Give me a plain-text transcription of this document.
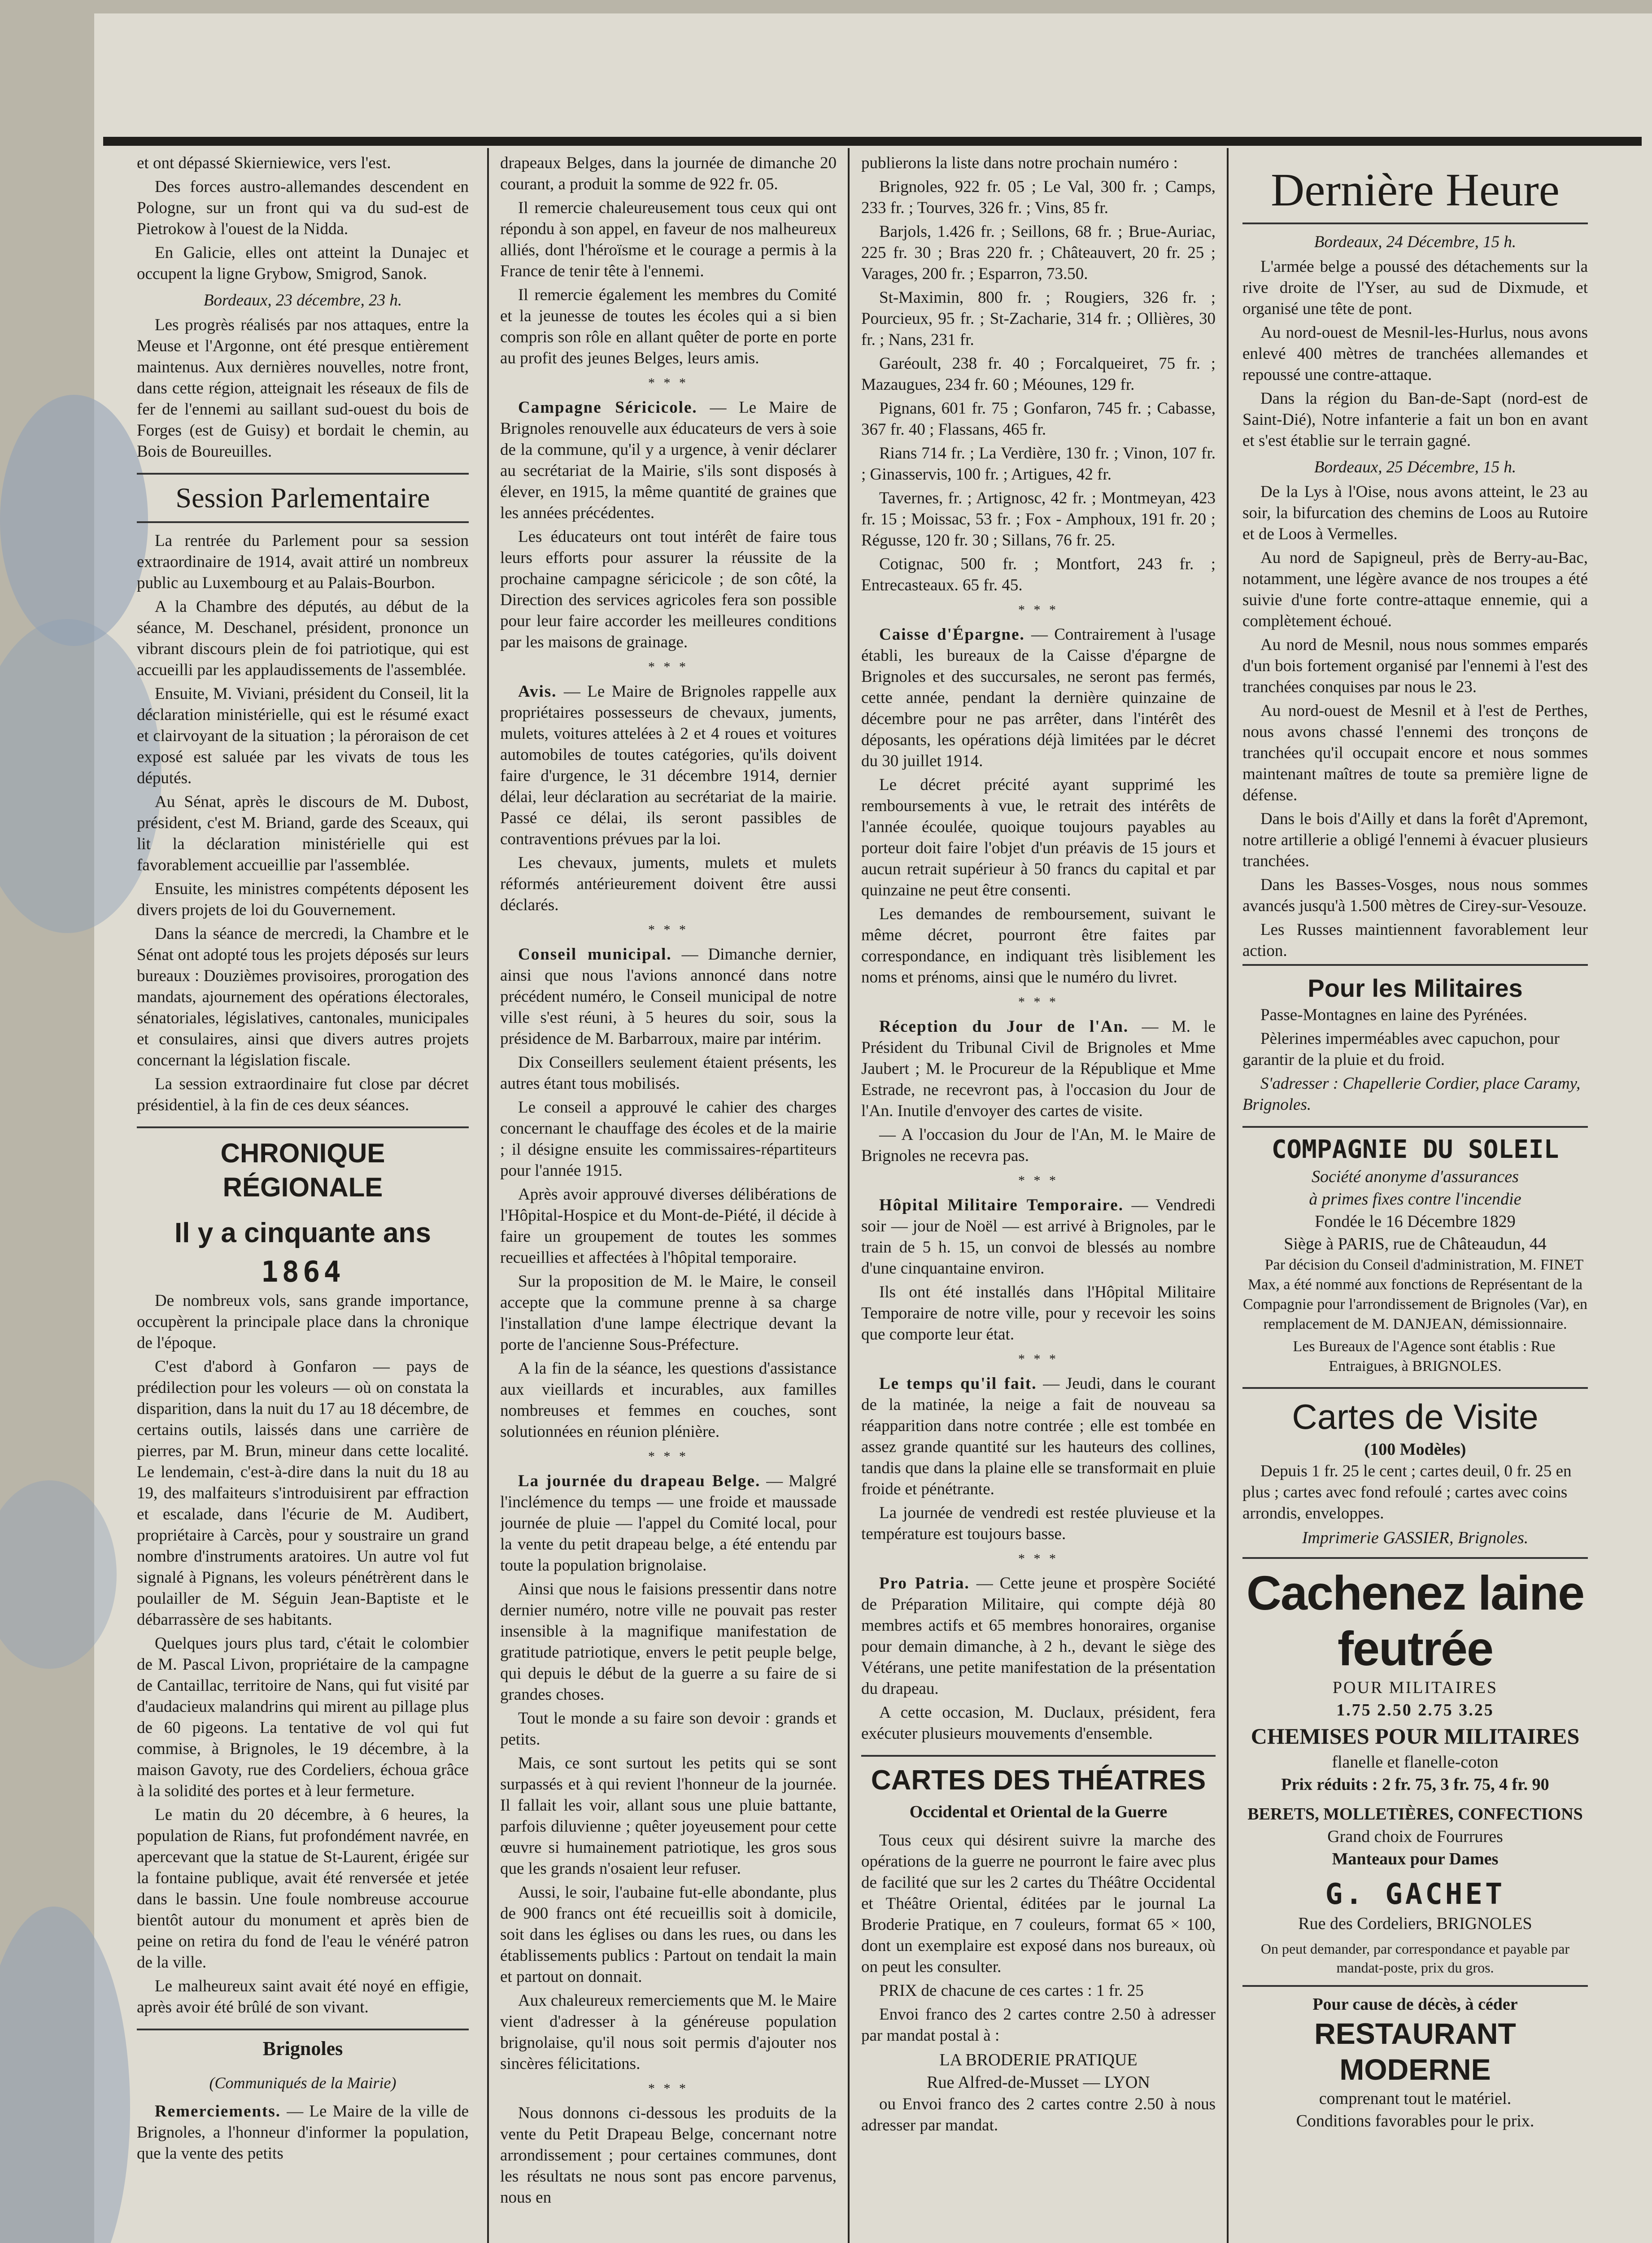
et ont dépassé Skierniewice, vers l'est.

Des forces austro-allemandes descendent en Pologne, sur un front qui va du sud-est de Pietrokow à l'ouest de la Nidda.

En Galicie, elles ont atteint la Dunajec et occupent la ligne Grybow, Smigrod, Sanok.

Bordeaux, 23 décembre, 23 h.

Les progrès réalisés par nos attaques, entre la Meuse et l'Argonne, ont été presque entièrement maintenus. Aux dernières nouvelles, notre front, dans cette région, atteignait les réseaux de fils de fer de l'ennemi au saillant sud-ouest du bois de Forges (est de Guisy) et bordait le chemin, au Bois de Boureuilles.

Session Parlementaire

La rentrée du Parlement pour sa session extraordinaire de 1914, avait attiré un nombreux public au Luxembourg et au Palais-Bourbon.

A la Chambre des députés, au début de la séance, M. Deschanel, président, prononce un vibrant discours plein de foi patriotique, qui est accueilli par les applaudissements de l'assemblée.

Ensuite, M. Viviani, président du Conseil, lit la déclaration ministérielle, qui est le résumé exact et clairvoyant de la situation ; la péroraison de cet exposé est saluée par les vivats de tous les députés.

Au Sénat, après le discours de M. Dubost, président, c'est M. Briand, garde des Sceaux, qui lit la déclaration ministérielle qui est favorablement accueillie par l'assemblée.

Ensuite, les ministres compétents déposent les divers projets de loi du Gouvernement.

Dans la séance de mercredi, la Chambre et le Sénat ont adopté tous les projets déposés sur leurs bureaux : Douzièmes provisoires, prorogation des mandats, ajournement des opérations électorales, sénatoriales, législatives, cantonales, municipales et consulaires, ainsi que divers autres projets concernant la législation fiscale.

La session extraordinaire fut close par décret présidentiel, à la fin de ces deux séances.

CHRONIQUE RÉGIONALE
Il y a cinquante ans
1864

De nombreux vols, sans grande importance, occupèrent la principale place dans la chronique de l'époque.

C'est d'abord à Gonfaron — pays de prédilection pour les voleurs — où on constata la disparition, dans la nuit du 17 au 18 décembre, de certains outils, laissés dans une carrière de pierres, par M. Brun, mineur dans cette localité. Le lendemain, c'est-à-dire dans la nuit du 18 au 19, des malfaiteurs s'introduisirent par effraction et escalade, dans l'écurie de M. Audibert, propriétaire à Carcès, pour y soustraire un grand nombre d'instruments aratoires. Un autre vol fut signalé à Pignans, les voleurs pénétrèrent dans le poulailler de M. Séguin Jean-Baptiste et le débarrassère de ses habitants.

Quelques jours plus tard, c'était le colombier de M. Pascal Livon, propriétaire de la campagne de Cantaillac, territoire de Nans, qui fut visité par d'audacieux malandrins qui mirent au pillage plus de 60 pigeons. La tentative de vol qui fut commise, à Brignoles, le 19 décembre, à la maison Gavoty, rue des Cordeliers, échoua grâce à la solidité des portes et à leur fermeture.

Le matin du 20 décembre, à 6 heures, la population de Rians, fut profondément navrée, en apercevant que la statue de St-Laurent, érigée sur la fontaine publique, avait été renversée et jetée dans le bassin. Une foule nombreuse accourue bientôt autour du monument et après bien de peine on retira du fond de l'eau le vénéré patron de la ville.

Le malheureux saint avait été noyé en effigie, après avoir été brûlé de son vivant.

Brignoles
(Communiqués de la Mairie)

Remerciements. — Le Maire de la ville de Brignoles, a l'honneur d'informer la population, que la vente des petits

drapeaux Belges, dans la journée de dimanche 20 courant, a produit la somme de 922 fr. 05.

Il remercie chaleureusement tous ceux qui ont répondu à son appel, en faveur de nos malheureux alliés, dont l'héroïsme et le courage a permis à la France de tenir tête à l'ennemi.

Il remercie également les membres du Comité et la jeunesse de toutes les écoles qui a si bien compris son rôle en allant quêter de porte en porte au profit des jeunes Belges, leurs amis.

* * *

Campagne Séricicole. — Le Maire de Brignoles renouvelle aux éducateurs de vers à soie de la commune, qu'il y a urgence, à venir déclarer au secrétariat de la Mairie, s'ils sont disposés à élever, en 1915, la même quantité de graines que les années précédentes.

Les éducateurs ont tout intérêt de faire tous leurs efforts pour assurer la réussite de la prochaine campagne séricicole ; de son côté, la Direction des services agricoles fera son possible pour leur faire accorder les meilleures conditions par les maisons de grainage.

* * *

Avis. — Le Maire de Brignoles rappelle aux propriétaires possesseurs de chevaux, juments, mulets, voitures attelées à 2 et 4 roues et voitures automobiles de toutes catégories, qu'ils doivent faire d'urgence, le 31 décembre 1914, dernier délai, leur déclaration au secrétariat de la mairie. Passé ce délai, ils seront passibles de contraventions prévues par la loi.

Les chevaux, juments, mulets et mulets réformés antérieurement doivent être aussi déclarés.

* * *

Conseil municipal. — Dimanche dernier, ainsi que nous l'avions annoncé dans notre précédent numéro, le Conseil municipal de notre ville s'est réuni, à 5 heures du soir, sous la présidence de M. Barbarroux, maire par intérim.

Dix Conseillers seulement étaient présents, les autres étant tous mobilisés.

Le conseil a approuvé le cahier des charges concernant le chauffage des écoles et de la mairie ; il désigne ensuite les commissaires-répartiteurs pour l'année 1915.

Après avoir approuvé diverses délibérations de l'Hôpital-Hospice et du Mont-de-Piété, il décide à faire un groupement de toutes les sommes recueillies et affectées à l'hôpital temporaire.

Sur la proposition de M. le Maire, le conseil accepte que la commune prenne à sa charge l'installation d'une lampe électrique devant la porte de l'ancienne Sous-Préfecture.

A la fin de la séance, les questions d'assistance aux vieillards et incurables, aux familles nombreuses et femmes en couches, sont solutionnées en réunion plénière.

* * *

La journée du drapeau Belge. — Malgré l'inclémence du temps — une froide et maussade journée de pluie — l'appel du Comité local, pour la vente du petit drapeau belge, a été entendu par toute la population brignolaise.

Ainsi que nous le faisions pressentir dans notre dernier numéro, notre ville ne pouvait pas rester insensible à la magnifique manifestation de gratitude patriotique, envers le petit peuple belge, qui depuis le début de la guerre a su faire de si grandes choses.

Tout le monde a su faire son devoir : grands et petits.

Mais, ce sont surtout les petits qui se sont surpassés et à qui revient l'honneur de la journée. Il fallait les voir, allant sous une pluie battante, parfois diluvienne ; quêter joyeusement pour cette œuvre si humainement patriotique, les gros sous que les grands n'osaient leur refuser.

Aussi, le soir, l'aubaine fut-elle abondante, plus de 900 francs ont été recueillis soit à domicile, soit dans les églises ou dans les rues, ou dans les établissements publics : Partout on tendait la main et partout on donnait.

Aux chaleureux remerciements que M. le Maire vient d'adresser à la généreuse population brignolaise, qu'il nous soit permis d'ajouter nos sincères félicitations.

* * *

Nous donnons ci-dessous les produits de la vente du Petit Drapeau Belge, concernant notre arrondissement ; pour certaines communes, dont les résultats ne nous sont pas encore parvenus, nous en

publierons la liste dans notre prochain numéro :

Brignoles, 922 fr. 05 ; Le Val, 300 fr. ; Camps, 233 fr. ; Tourves, 326 fr. ; Vins, 85 fr.

Barjols, 1.426 fr. ; Seillons, 68 fr. ; Brue-Auriac, 225 fr. 30 ; Bras 220 fr. ; Châteauvert, 20 fr. 25 ; Varages, 200 fr. ; Esparron, 73.50.

St-Maximin, 800 fr. ; Rougiers, 326 fr. ; Pourcieux, 95 fr. ; St-Zacharie, 314 fr. ; Ollières, 30 fr. ; Nans, 231 fr.

Garéoult, 238 fr. 40 ; Forcalqueiret, 75 fr. ; Mazaugues, 234 fr. 60 ; Méounes, 129 fr.

Pignans, 601 fr. 75 ; Gonfaron, 745 fr. ; Cabasse, 367 fr. 40 ; Flassans, 465 fr.

Rians 714 fr. ; La Verdière, 130 fr. ; Vinon, 107 fr. ; Ginasservis, 100 fr. ; Artigues, 42 fr.

Tavernes, fr. ; Artignosc, 42 fr. ; Montmeyan, 423 fr. 15 ; Moissac, 53 fr. ; Fox - Amphoux, 191 fr. 20 ; Régusse, 120 fr. 30 ; Sillans, 76 fr. 25.

Cotignac, 500 fr. ; Montfort, 243 fr. ; Entrecasteaux. 65 fr. 45.

* * *

Caisse d'Épargne. — Contrairement à l'usage établi, les bureaux de la Caisse d'épargne de Brignoles et des succursales, ne seront pas fermés, cette année, pendant la dernière quinzaine de décembre pour ne pas arrêter, dans l'intérêt des déposants, les opérations déjà limitées par le décret du 30 juillet 1914.

Le décret précité ayant supprimé les remboursements à vue, le retrait des intérêts de l'année écoulée, quoique toujours payables au porteur doit faire l'objet d'un préavis de 15 jours et aucun retrait supérieur à 50 francs du capital et par quinzaine ne peut être consenti.

Les demandes de remboursement, suivant le même décret, pourront être faites par correspondance, en indiquant très lisiblement les noms et prénoms, ainsi que le numéro du livret.

* * *

Réception du Jour de l'An. — M. le Président du Tribunal Civil de Brignoles et Mme Jaubert ; M. le Procureur de la République et Mme Estrade, ne recevront pas, à l'occasion du Jour de l'An. Inutile d'envoyer des cartes de visite.

— A l'occasion du Jour de l'An, M. le Maire de Brignoles ne recevra pas.

* * *

Hôpital Militaire Temporaire. — Vendredi soir — jour de Noël — est arrivé à Brignoles, par le train de 5 h. 15, un convoi de blessés au nombre d'une cinquantaine environ.

Ils ont été installés dans l'Hôpital Militaire Temporaire de notre ville, pour y recevoir les soins que comporte leur état.

* * *

Le temps qu'il fait. — Jeudi, dans le courant de la matinée, la neige a fait de nouveau sa réapparition dans notre contrée ; elle est tombée en assez grande quantité sur les hauteurs des collines, tandis que dans la plaine elle se transformait en pluie froide et pénétrante.

La journée de vendredi est restée pluvieuse et la température est toujours basse.

* * *

Pro Patria. — Cette jeune et prospère Société de Préparation Militaire, qui compte déjà 80 membres actifs et 65 membres honoraires, organise pour demain dimanche, à 2 h., devant le siège des Vétérans, une petite manifestation de la présentation du drapeau.

A cette occasion, M. Duclaux, président, fera exécuter plusieurs mouvements d'ensemble.

CARTES DES THÉATRES
Occidental et Oriental de la Guerre

Tous ceux qui désirent suivre la marche des opérations de la guerre ne pourront le faire avec plus de facilité que sur les 2 cartes du Théâtre Occidental et Théâtre Oriental, éditées par le journal La Broderie Pratique, en 7 couleurs, format 65 × 100, dont un exemplaire est exposé dans nos bureaux, où on peut les consulter.

PRIX de chacune de ces cartes : 1 fr. 25

Envoi franco des 2 cartes contre 2.50 à adresser par mandat postal à :

LA BRODERIE PRATIQUE

Rue Alfred-de-Musset — LYON

ou Envoi franco des 2 cartes contre 2.50 à nous adresser par mandat.

Dernière Heure

Bordeaux, 24 Décembre, 15 h.

L'armée belge a poussé des détachements sur la rive droite de l'Yser, au sud de Dixmude, et organisé une tête de pont.

Au nord-ouest de Mesnil-les-Hurlus, nous avons enlevé 400 mètres de tranchées allemandes et repoussé une contre-attaque.

Dans la région du Ban-de-Sapt (nord-est de Saint-Dié), Notre infanterie a fait un bon en avant et s'est établie sur le terrain gagné.

Bordeaux, 25 Décembre, 15 h.

De la Lys à l'Oise, nous avons atteint, le 23 au soir, la bifurcation des chemins de Loos au Rutoire et de Loos à Vermelles.

Au nord de Sapigneul, près de Berry-au-Bac, notamment, une légère avance de nos troupes a été suivie d'une forte contre-attaque ennemie, qui a complètement échoué.

Au nord de Mesnil, nous nous sommes emparés d'un bois fortement organisé par l'ennemi à l'est des tranchées conquises par nous le 23.

Au nord-ouest de Mesnil et à l'est de Perthes, nous avons chassé l'ennemi des tronçons de tranchées qu'il occupait encore et nous sommes maintenant maîtres de toute sa première ligne de défense.

Dans le bois d'Ailly et dans la forêt d'Apremont, notre artillerie a obligé l'ennemi à évacuer plusieurs tranchées.

Dans les Basses-Vosges, nous nous sommes avancés jusqu'à 1.500 mètres de Cirey-sur-Vesouze.

Les Russes maintiennent favorablement leur action.

Pour les Militaires

Passe-Montagnes en laine des Pyrénées.

Pèlerines imperméables avec capuchon, pour garantir de la pluie et du froid.

S'adresser : Chapellerie Cordier, place Caramy, Brignoles.

COMPAGNIE DU SOLEIL

Société anonyme d'assurances

à primes fixes contre l'incendie

Fondée le 16 Décembre 1829

Siège à PARIS, rue de Châteaudun, 44

Par décision du Conseil d'administration, M. FINET Max, a été nommé aux fonctions de Représentant de la Compagnie pour l'arrondissement de Brignoles (Var), en remplacement de M. DANJEAN, démissionnaire.

Les Bureaux de l'Agence sont établis : Rue Entraigues, à BRIGNOLES.

Cartes de Visite

(100 Modèles)

Depuis 1 fr. 25 le cent ; cartes deuil, 0 fr. 25 en plus ; cartes avec fond refoulé ; cartes avec coins arrondis, enveloppes.

Imprimerie GASSIER, Brignoles.

Cachenez laine feutrée

POUR MILITAIRES

1.75 2.50 2.75 3.25

CHEMISES POUR MILITAIRES

flanelle et flanelle-coton

Prix réduits : 2 fr. 75, 3 fr. 75, 4 fr. 90

BERETS, MOLLETIÈRES, CONFECTIONS

Grand choix de Fourrures

Manteaux pour Dames

G. GACHET

Rue des Cordeliers, BRIGNOLES

On peut demander, par correspondance et payable par mandat-poste, prix du gros.

Pour cause de décès, à céder

RESTAURANT MODERNE

comprenant tout le matériel.

Conditions favorables pour le prix.
